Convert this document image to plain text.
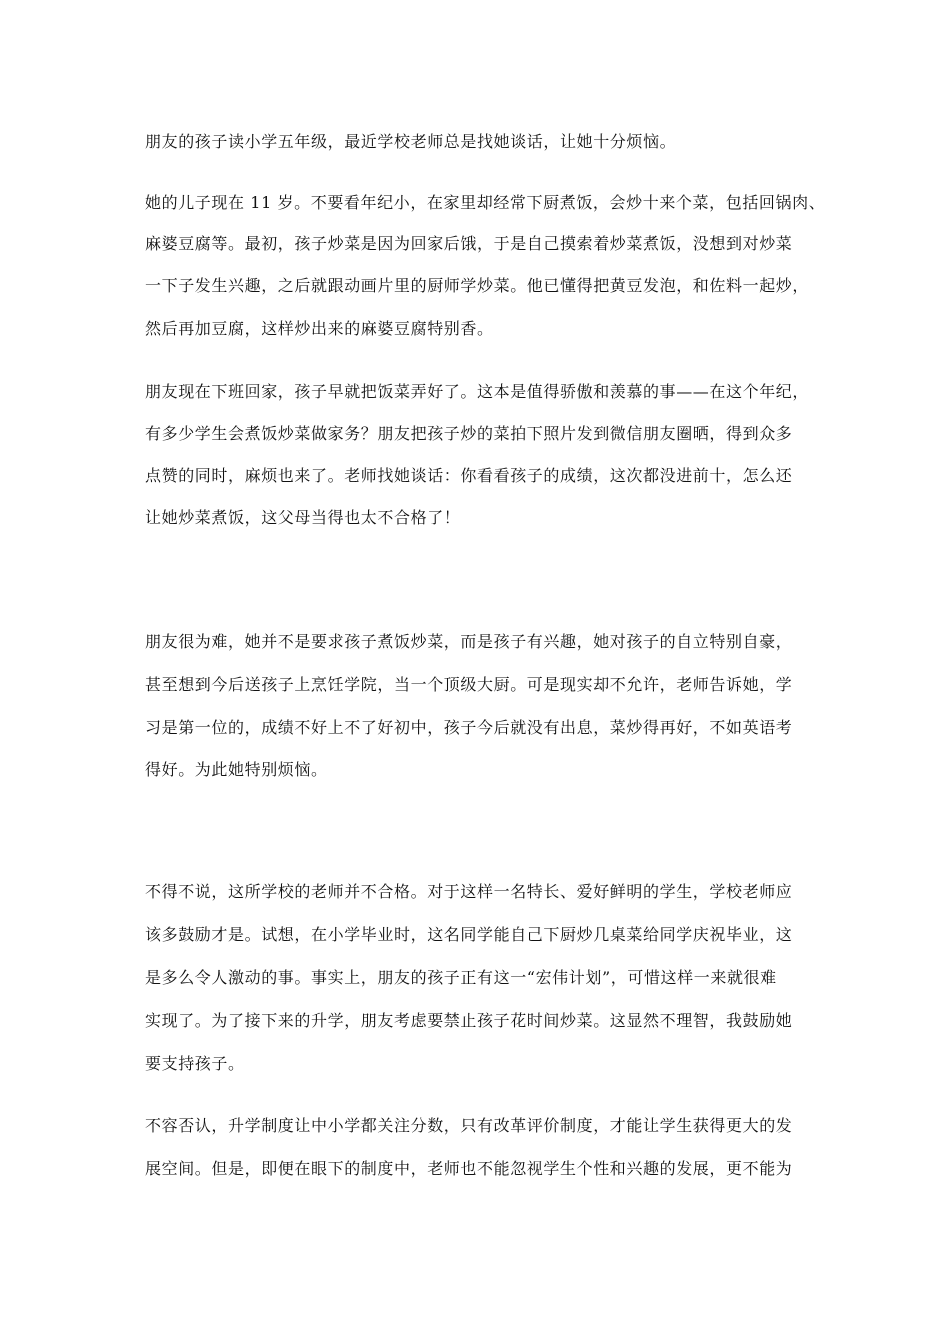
朋友的孩子读小学五年级，最近学校老师总是找她谈话，让她十分烦恼。
她的儿子现在 11 岁。不要看年纪小，在家里却经常下厨煮饭，会炒十来个菜，包括回锅肉、
麻婆豆腐等。最初，孩子炒菜是因为回家后饿，于是自己摸索着炒菜煮饭，没想到对炒菜
一下子发生兴趣，之后就跟动画片里的厨师学炒菜。他已懂得把黄豆发泡，和佐料一起炒，
然后再加豆腐，这样炒出来的麻婆豆腐特别香。
朋友现在下班回家，孩子早就把饭菜弄好了。这本是值得骄傲和羡慕的事——在这个年纪，
有多少学生会煮饭炒菜做家务？朋友把孩子炒的菜拍下照片发到微信朋友圈晒，得到众多
点赞的同时，麻烦也来了。老师找她谈话：你看看孩子的成绩，这次都没进前十，怎么还
让她炒菜煮饭，这父母当得也太不合格了！
朋友很为难，她并不是要求孩子煮饭炒菜，而是孩子有兴趣，她对孩子的自立特别自豪，
甚至想到今后送孩子上烹饪学院，当一个顶级大厨。可是现实却不允许，老师告诉她，学
习是第一位的，成绩不好上不了好初中，孩子今后就没有出息，菜炒得再好，不如英语考
得好。为此她特别烦恼。
不得不说，这所学校的老师并不合格。对于这样一名特长、爱好鲜明的学生，学校老师应
该多鼓励才是。试想，在小学毕业时，这名同学能自己下厨炒几桌菜给同学庆祝毕业，这
是多么令人激动的事。事实上，朋友的孩子正有这一“宏伟计划”，可惜这样一来就很难
实现了。为了接下来的升学，朋友考虑要禁止孩子花时间炒菜。这显然不理智，我鼓励她
要支持孩子。
不容否认，升学制度让中小学都关注分数，只有改革评价制度，才能让学生获得更大的发
展空间。但是，即便在眼下的制度中，老师也不能忽视学生个性和兴趣的发展，更不能为
